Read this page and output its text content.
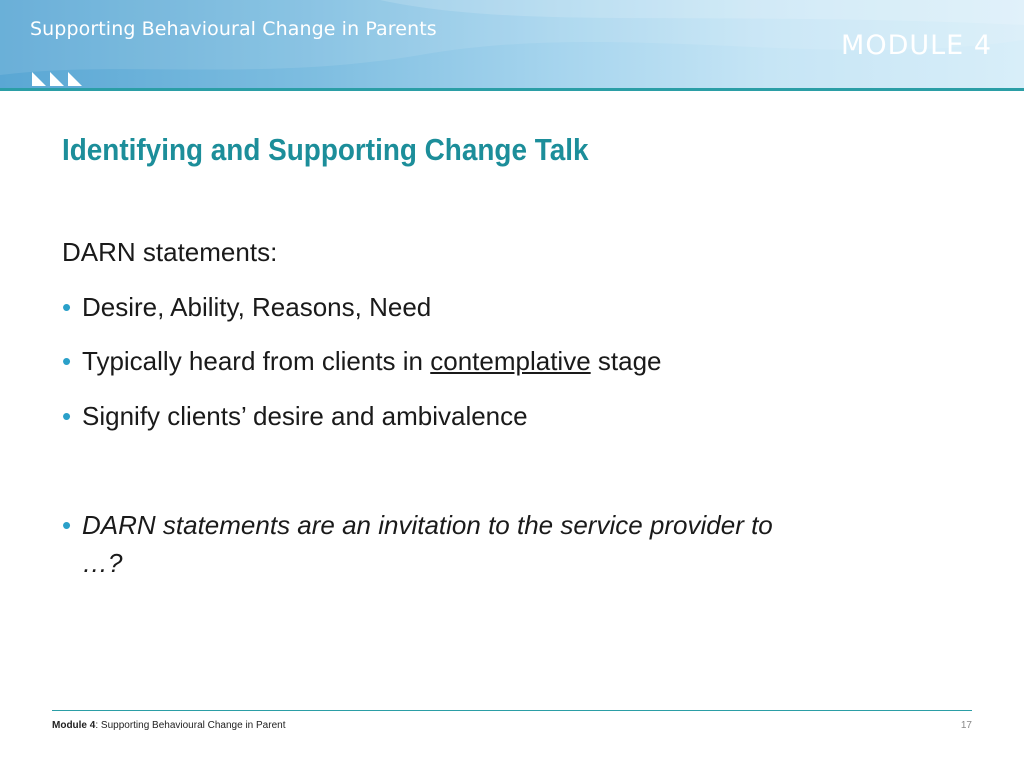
Supporting Behavioural Change in Parents
MODULE 4
Identifying and Supporting Change Talk
DARN statements:
• Desire, Ability, Reasons, Need
• Typically heard from clients in contemplative stage
• Signify clients’ desire and ambivalence
• DARN statements are an invitation to the service provider to
…?
Module 4: Supporting Behavioural Change in Parent	17
